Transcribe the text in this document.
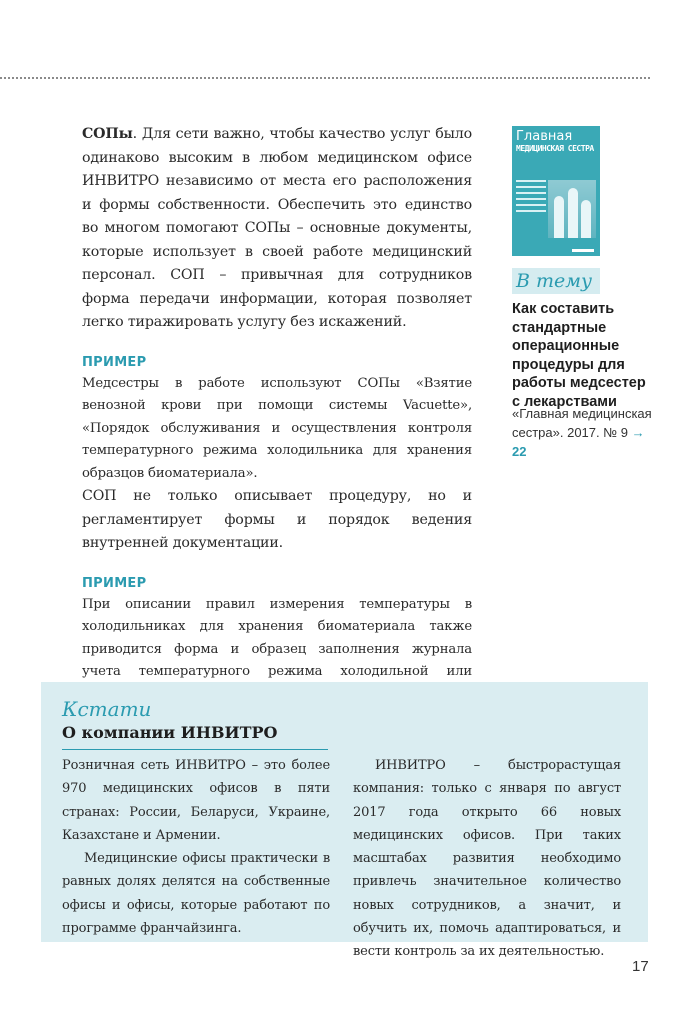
СОПы. Для сети важно, чтобы качество услуг было одинаково высоким в любом медицинском офисе ИНВИТРО независимо от места его расположения и формы собственности. Обеспечить это единство во многом помогают СОПы – основные документы, которые использует в своей работе медицинский персонал. СОП – привычная для сотрудников форма передачи информации, которая позволяет легко тиражировать услугу без искажений.

ПРИМЕР
Медсестры в работе используют СОПы «Взятие венозной крови при помощи системы Vacuette», «Порядок обслуживания и осуществления контроля температурного режима холодильника для хранения образцов биоматериала».

СОП не только описывает процедуру, но и регламентирует формы и порядок ведения внутренней документации.

ПРИМЕР
При описании правил измерения температуры в холодильниках для хранения биоматериала также приводится форма и образец заполнения журнала учета температурного режима холодильной или
Главная
МЕДИЦИНСКАЯ СЕСТРА
В тему
Как составить стандартные операционные процедуры для работы медсестер с лекарствами
«Главная медицинская сестра». 2017. № 9 → 22
Кстати
О компании ИНВИТРО

Розничная сеть ИНВИТРО – это более 970 медицинских офисов в пяти странах: России, Беларуси, Украине, Казахстане и Армении.

Медицинские офисы практически в равных долях делятся на собственные офисы и офисы, которые работают по программе франчайзинга.

ИНВИТРО – быстрорастущая компания: только с января по август 2017 года открыто 66 новых медицинских офисов. При таких масштабах развития необходимо привлечь значительное количество новых сотрудников, а значит, и обучить их, помочь адаптироваться, и вести контроль за их деятельностью.

17
